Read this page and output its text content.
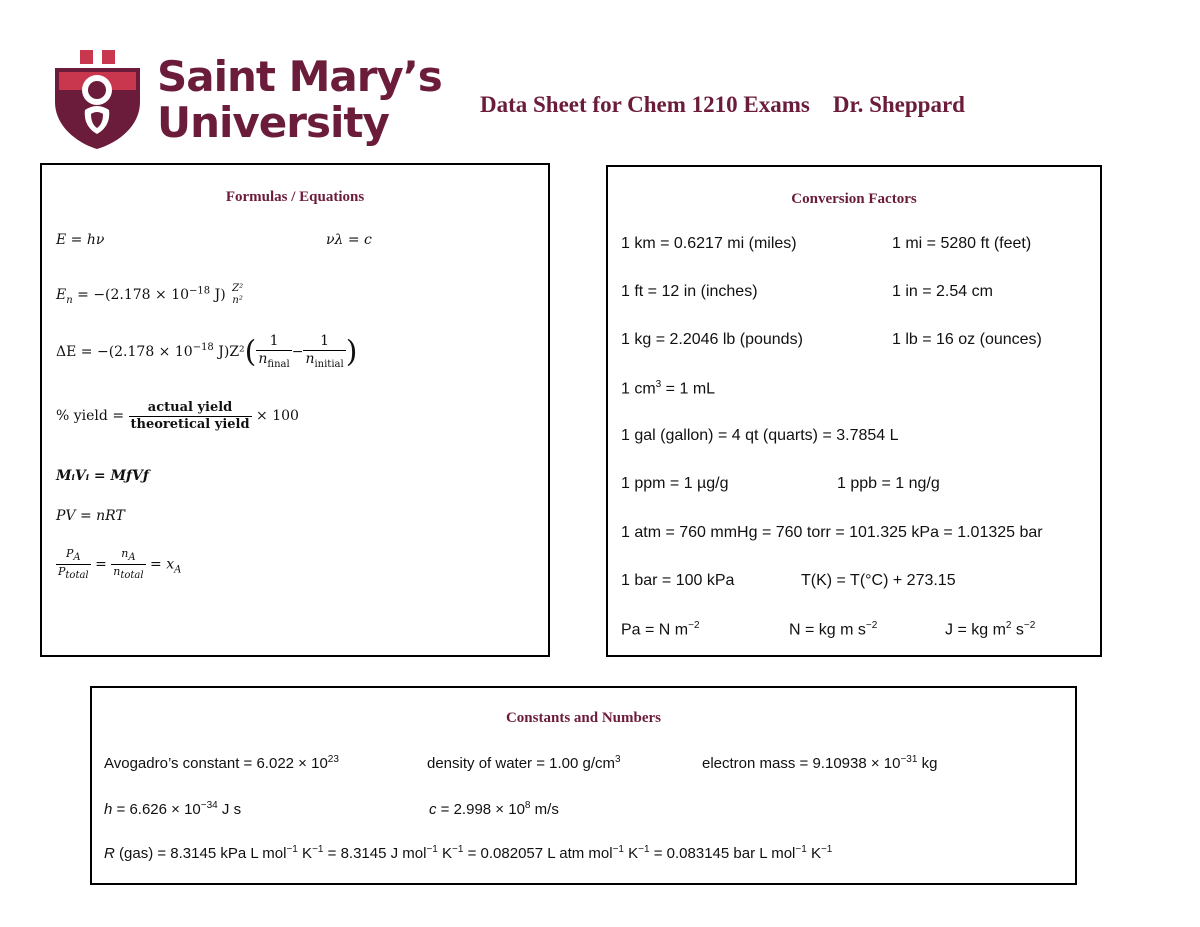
Saint Mary’s
University	Data Sheet for Chem 1210 Exams Dr. Sheppard
Formulas / Equations
E = hν	νλ = c
$E_n = -(2.178 \times 10^{-18}$ J) Z²
n²
$\Delta E = -(2.178 \times 10^{-18}$ $J)Z^2( \frac{1}{n_{final}} - \frac{1}{n_{initial}}$ )
% yield = $\frac{\text{actual yield}}{\text{theoretical yield}} \times 100$
MᵢVᵢ = MƒVƒ
PV = nRT
$\frac{P_A}{P_{total}} = \frac{n_A}{n_{total}} = x_A$
Conversion Factors
1 km = 0.6217 mi (miles)	1 mi = 5280 ft (feet)
1 ft = 12 in (inches)	1 in = 2.54 cm
1 kg = 2.2046 lb (pounds)	1 lb = 16 oz (ounces)
1 $cm^3 = 1$ mL
1 gal (gallon) = 4 qt (quarts) = 3.7854 L
1 ppm = 1 µg/g	1 ppb = 1 ng/g
1 atm = 760 mmHg = 760 torr = 101.325 kPa = 1.01325 bar
1 bar = 100 kPa	T(K) = T(°C) + 273.15
Pa = N $m^{-2}$	N = kg m $s^{-2}$	J = kg $m^2$ $s^{-2}$
Constants and Numbers
Avogadro’s constant = $6.022 \times 10^{23}$	density of water = 1.00 $g/cm^3$	electron mass = $9.10938 \times 10^{-31}$ kg
$h = 6.626 \times 10^{-34}$ J s	$c = 2.998 \times 10^8$ m/s
R (gas) = 8.3145 kPa L mol$^{-1}$ $K^{-1} = 8.3145$ J mol$^{-1}$ $K^{-1} = 0.082057$ L atm mol$^{-1}$ $K^{-1} = 0.083145$ bar L mol$^{-1}$ $K^{-1}$
